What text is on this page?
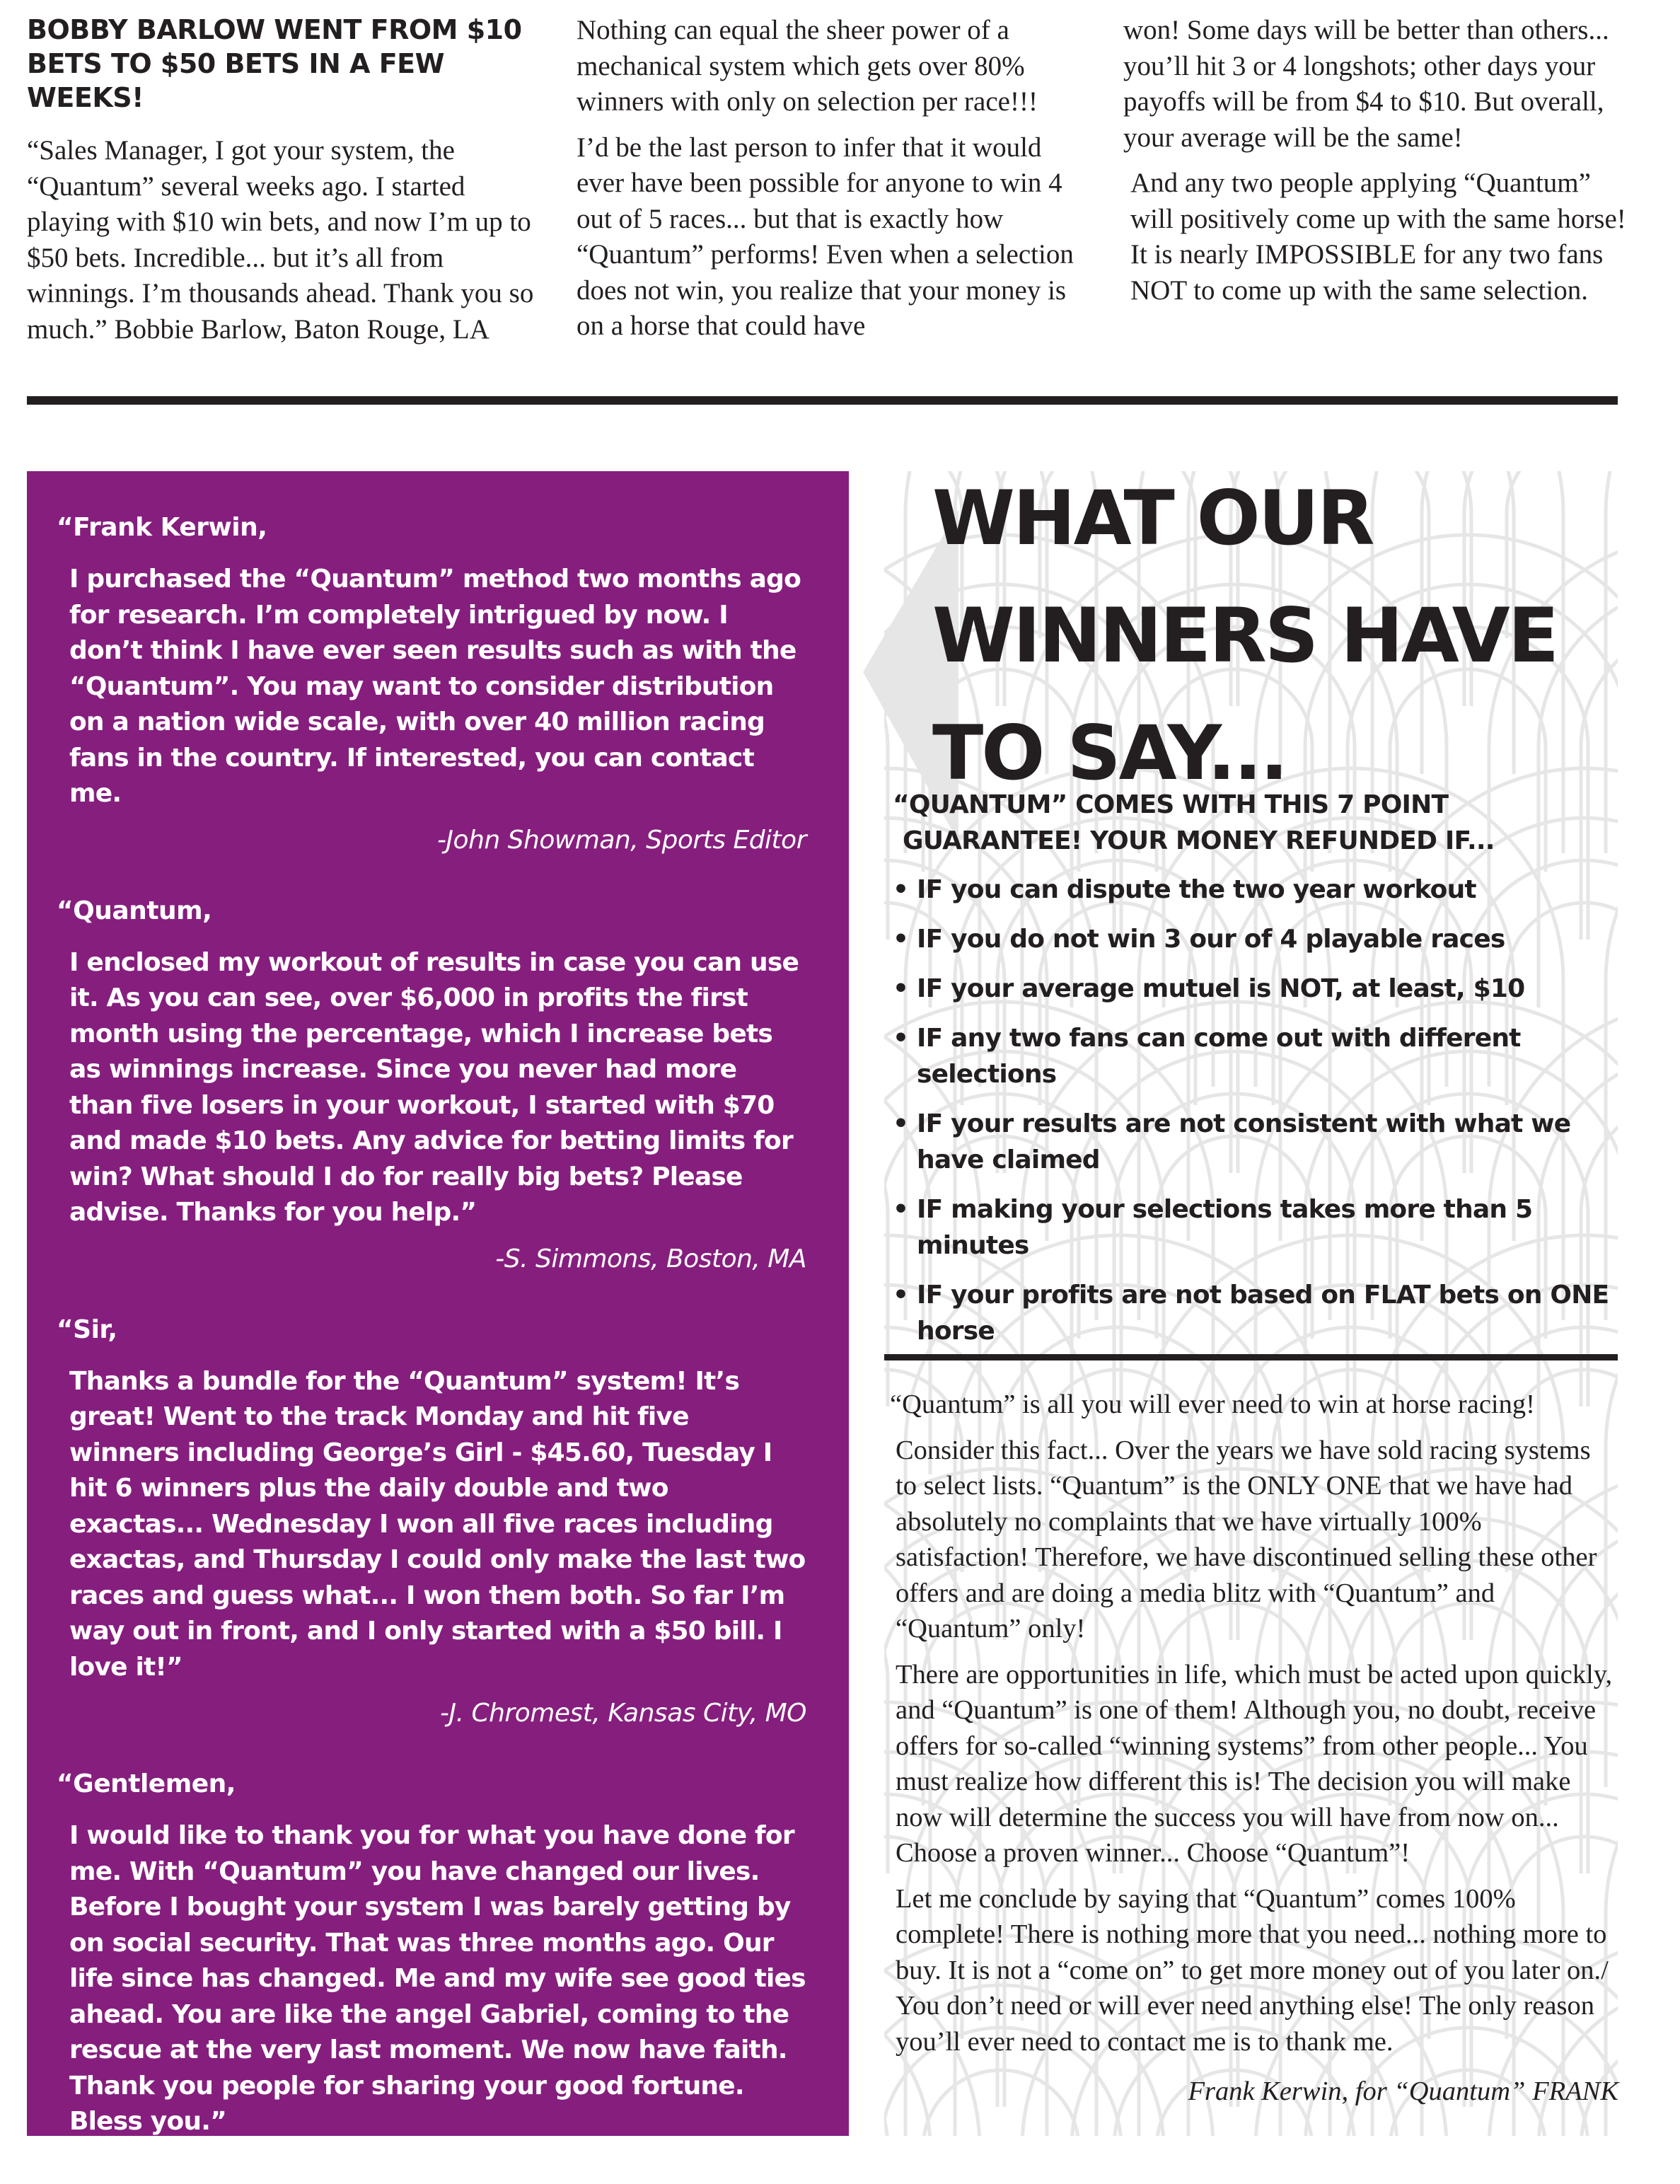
BOBBY BARLOW WENT FROM $10 BETS TO $50 BETS IN A FEW WEEKS!

“Sales Manager, I got your system, the “Quantum” several weeks ago. I started playing with $10 win bets, and now I’m up to $50 bets. Incredible... but it’s all from winnings. I’m thousands ahead. Thank you so much.” Bobbie Barlow, Baton Rouge, LA

Nothing can equal the sheer power of a mechanical system which gets over 80% winners with only on selection per race!!!

I’d be the last person to infer that it would ever have been possible for anyone to win 4 out of 5 races... but that is exactly how “Quantum” performs! Even when a selection does not win, you realize that your money is on a horse that could have

won! Some days will be better than others... you’ll hit 3 or 4 longshots; other days your payoffs will be from $4 to $10. But overall, your average will be the same!

And any two people applying “Quantum” will positively come up with the same horse! It is nearly IMPOSSIBLE for any two fans NOT to come up with the same selection.

“Frank Kerwin,

I purchased the “Quantum” method two months ago for research. I’m completely intrigued by now. I don’t think I have ever seen results such as with the “Quantum”. You may want to consider distribution on a nation wide scale, with over 40 million racing fans in the country. If interested, you can contact me.

-John Showman, Sports Editor

“Quantum,

I enclosed my workout of results in case you can use it. As you can see, over $6,000 in profits the first month using the percentage, which I increase bets as winnings increase. Since you never had more than five losers in your workout, I started with $70 and made $10 bets. Any advice for betting limits for win? What should I do for really big bets? Please advise. Thanks for you help.”

-S. Simmons, Boston, MA

“Sir,

Thanks a bundle for the “Quantum” system! It’s great! Went to the track Monday and hit five winners including George’s Girl - $45.60, Tuesday I hit 6 winners plus the daily double and two exactas... Wednesday I won all five races including exactas, and Thursday I could only make the last two races and guess what... I won them both. So far I’m way out in front, and I only started with a $50 bill. I love it!”

-J. Chromest, Kansas City, MO

“Gentlemen,

I would like to thank you for what you have done for me. With “Quantum” you have changed our lives. Before I bought your system I was barely getting by on social security. That was three months ago. Our life since has changed. Me and my wife see good ties ahead. You are like the angel Gabriel, coming to the rescue at the very last moment. We now have faith. Thank you people for sharing your good fortune. Bless you.”

-Frank & Ester Rhodes, San Diego, CA

WHAT OUR
WINNERS HAVE
TO SAY...
“QUANTUM” COMES WITH THIS 7 POINT
GUARANTEE! YOUR MONEY REFUNDED IF...
• IF you can dispute the two year workout
• IF you do not win 3 our of 4 playable races
• IF your average mutuel is NOT, at least, $10
• IF any two fans can come out with different selections
• IF your results are not consistent with what we have claimed
• IF making your selections takes more than 5 minutes
• IF your profits are not based on FLAT bets on ONE horse

“Quantum” is all you will ever need to win at horse racing!

Consider this fact... Over the years we have sold racing systems to select lists. “Quantum” is the ONLY ONE that we have had absolutely no complaints that we have virtually 100% satisfaction! Therefore, we have discontinued selling these other offers and are doing a media blitz with “Quantum” and “Quantum” only!

There are opportunities in life, which must be acted upon quickly, and “Quantum” is one of them! Although you, no doubt, receive offers for so-called “winning systems” from other people... You must realize how different this is! The decision you will make now will determine the success you will have from now on... Choose a proven winner... Choose “Quantum”!

Let me conclude by saying that “Quantum” comes 100% complete! There is nothing more that you need... nothing more to buy. It is not a “come on” to get more money out of you later on./ You don’t need or will ever need anything else! The only reason you’ll ever need to contact me is to thank me.

Frank Kerwin, for “Quantum” FRANK
